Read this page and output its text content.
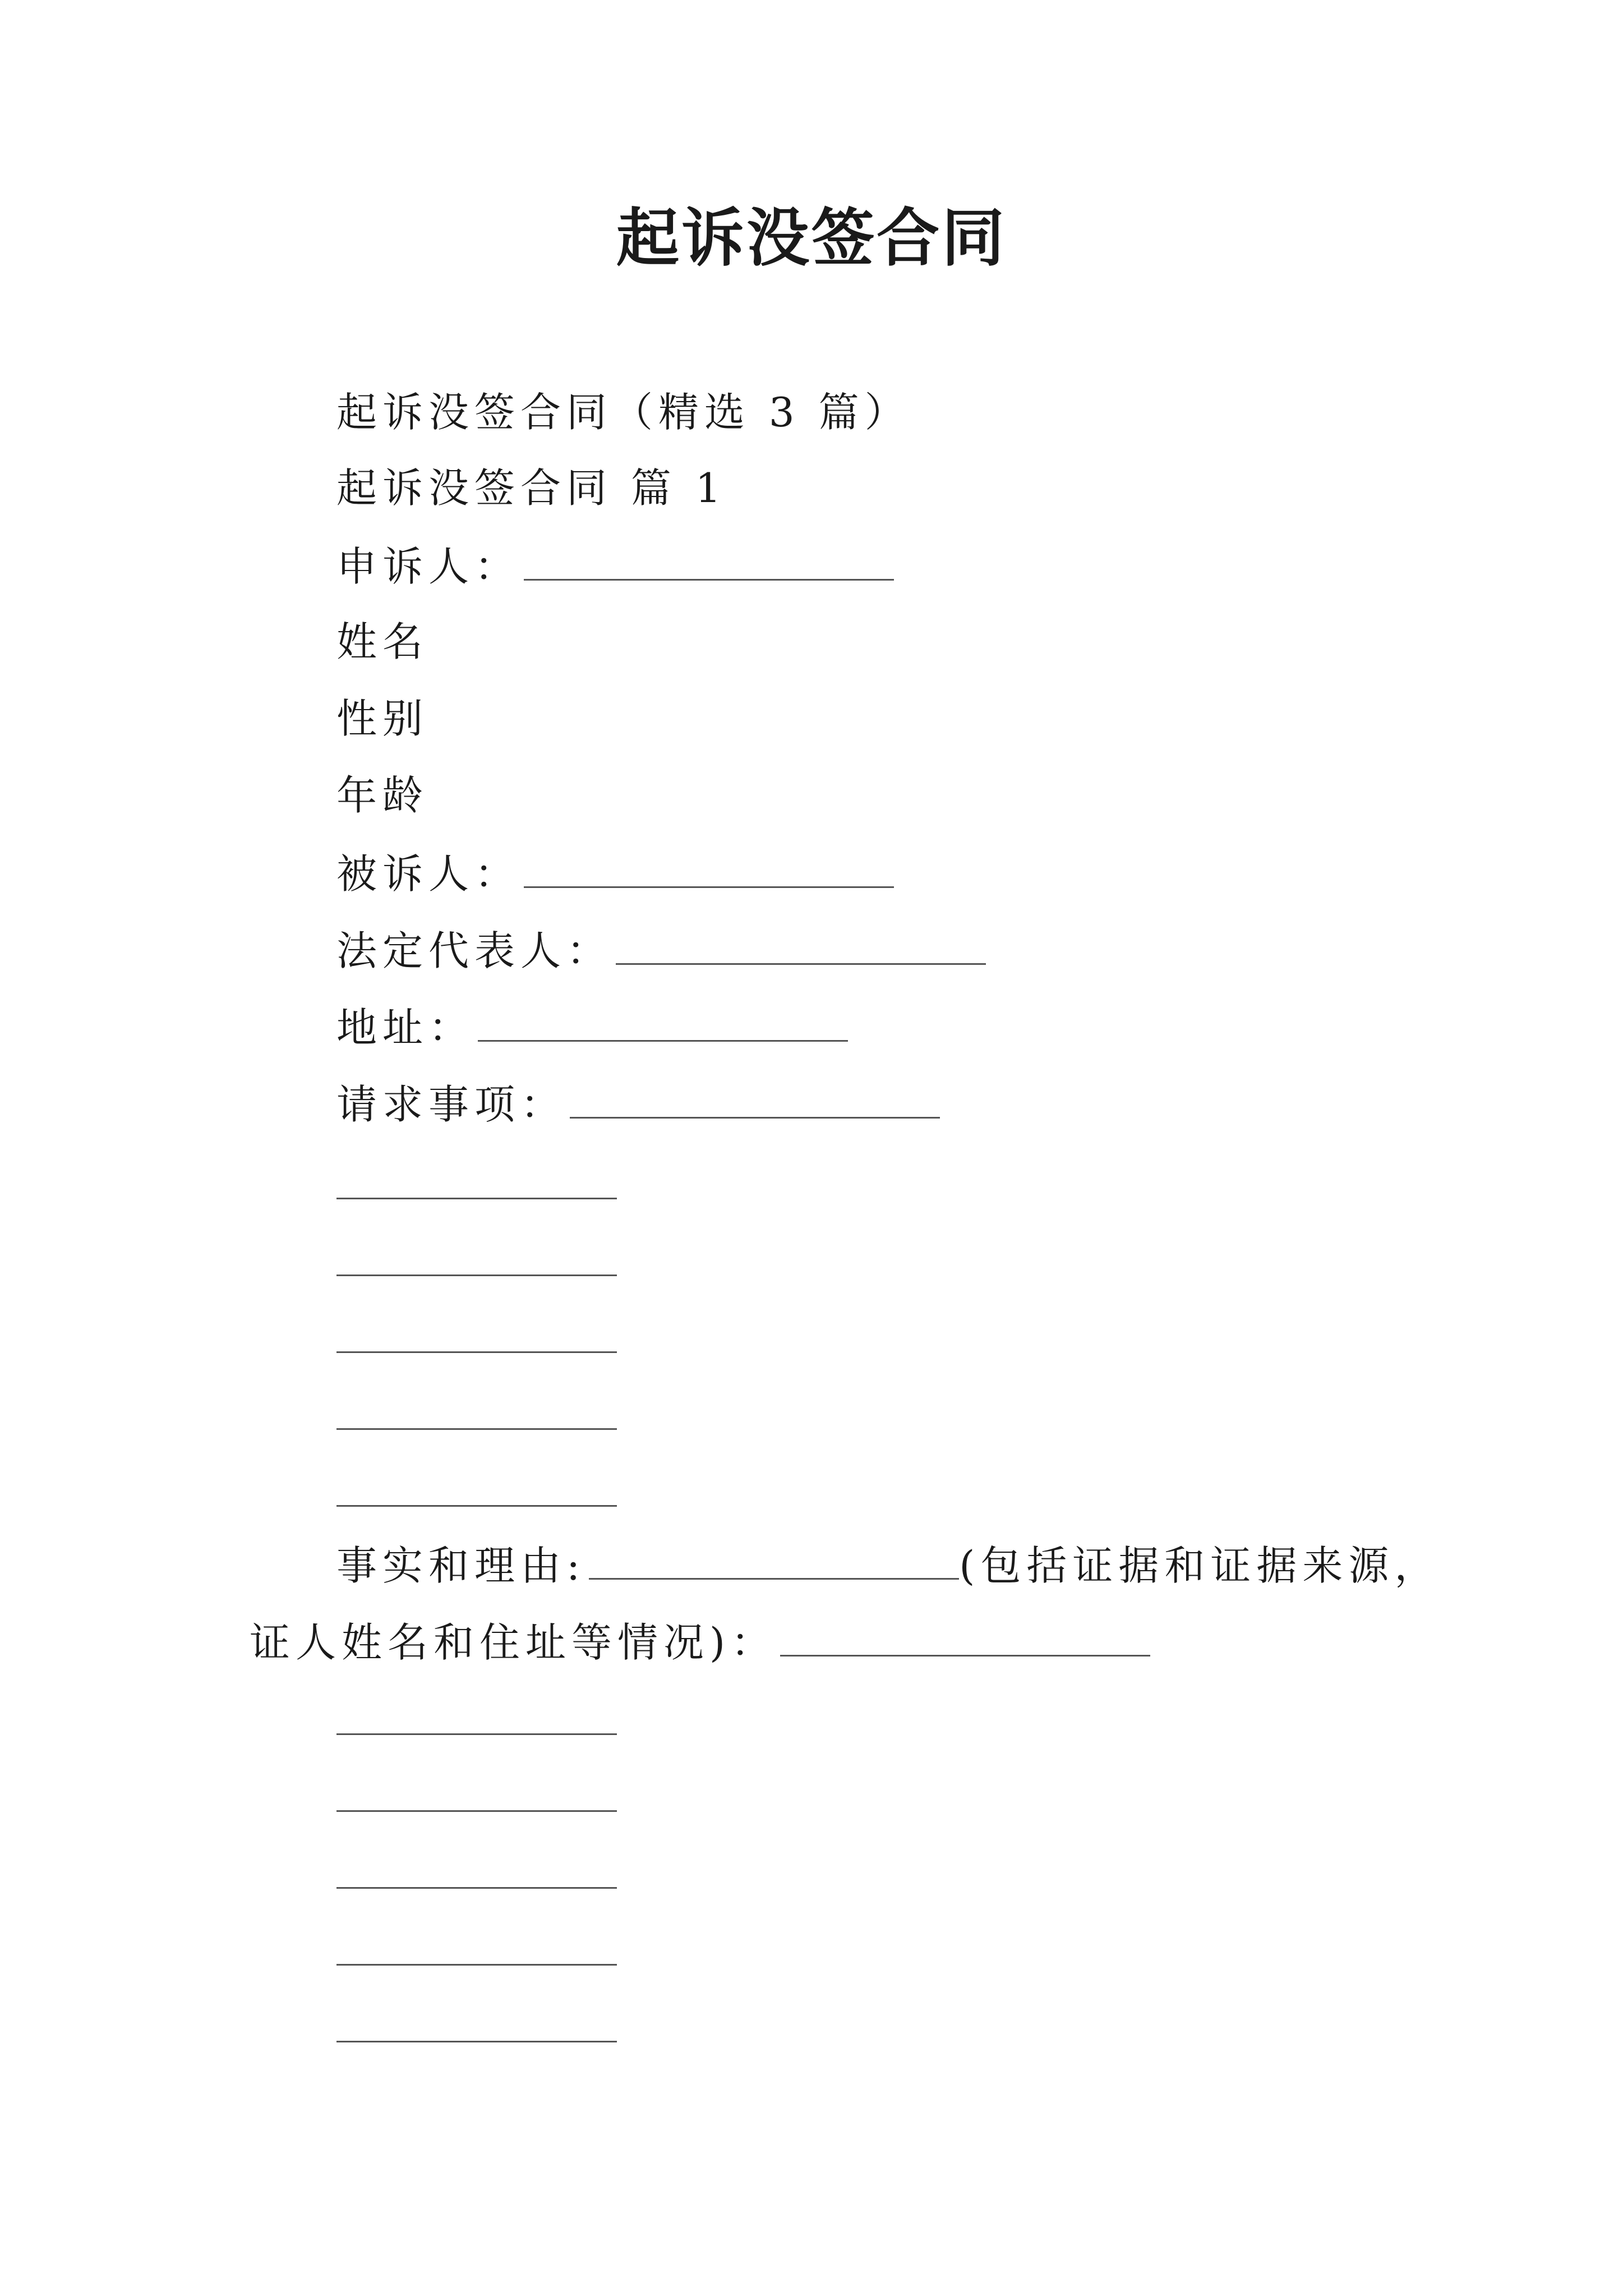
起诉没签合同
起诉没签合同（精选 3 篇）
起诉没签合同 篇 1
申诉人：
姓名
性别
年龄
被诉人：
法定代表人：
地址：
请求事项：
事实和理由:	(包括证据和证据来源，
证人姓名和住址等情况)：
